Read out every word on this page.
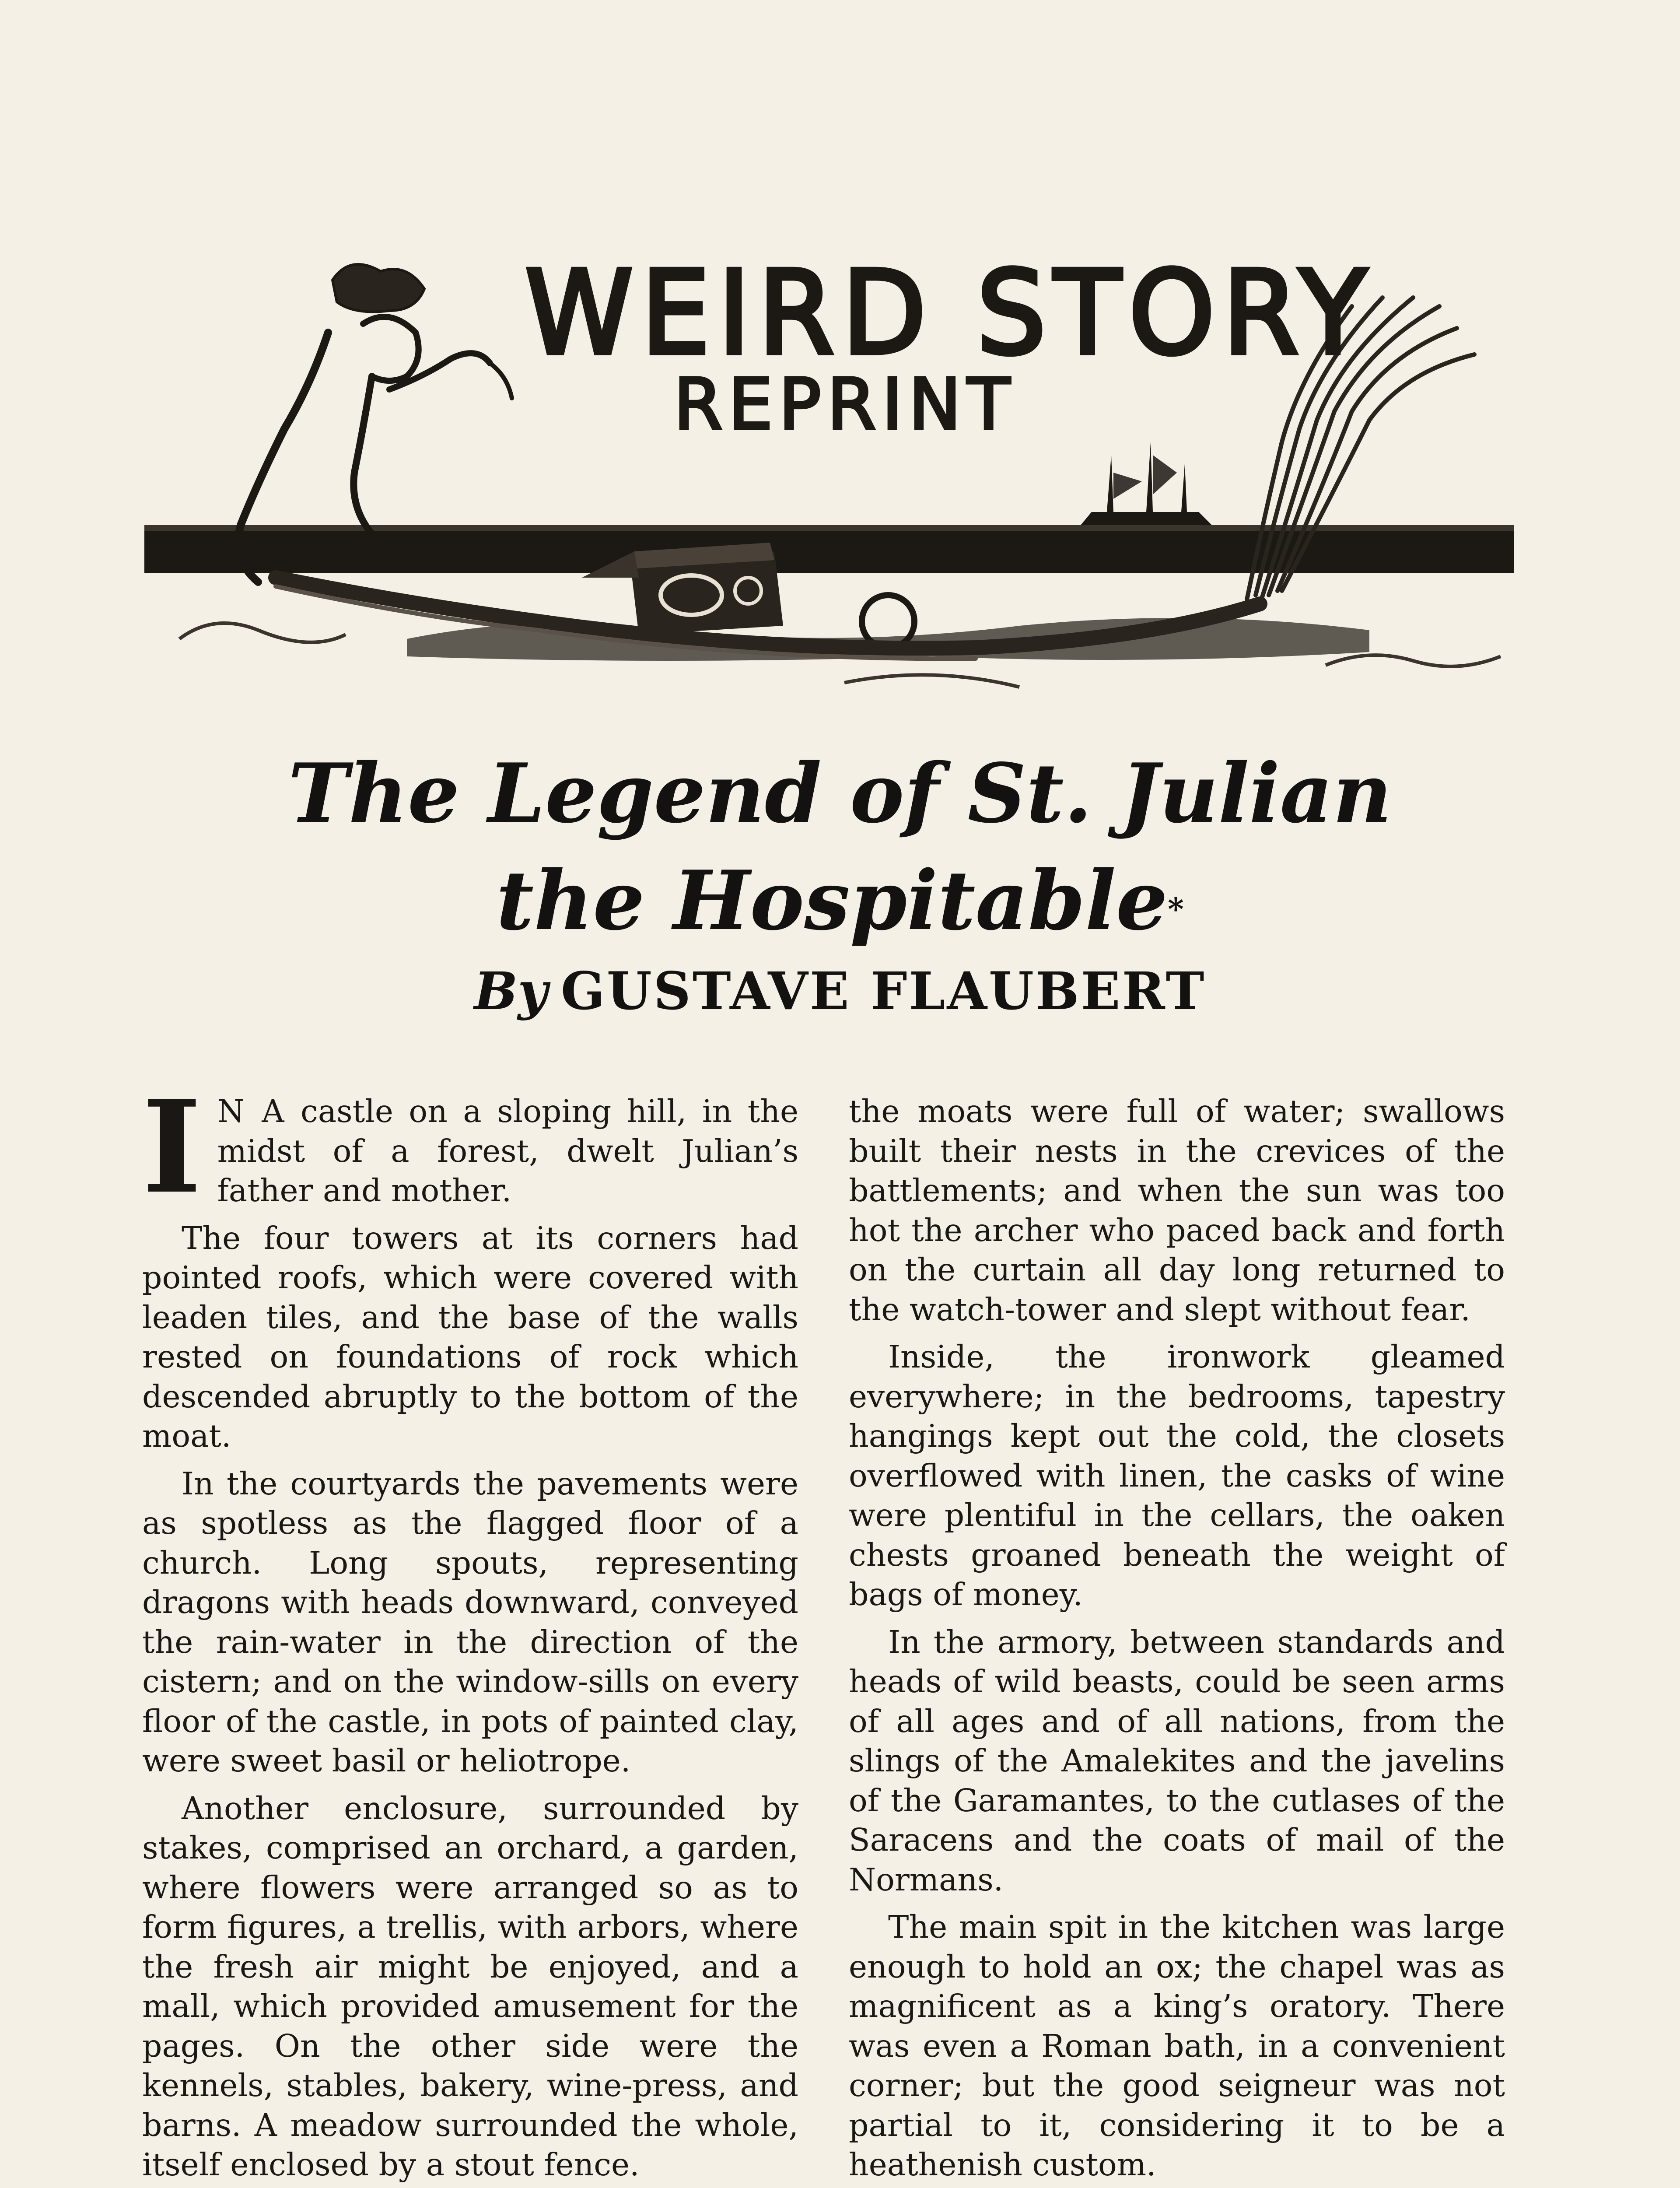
WEIRD STORY
REPRINT
The Legend of St. Julian
the Hospitable*
By GUSTAVE FLAUBERT

I N A castle on a sloping hill, in the midst of a forest, dwelt Julian’s father and mother.

The four towers at its corners had pointed roofs, which were covered with leaden tiles, and the base of the walls rested on foundations of rock which descended abruptly to the bottom of the moat.

In the courtyards the pavements were as spotless as the flagged floor of a church. Long spouts, representing dragons with heads downward, conveyed the rain-water in the direction of the cistern; and on the window-sills on every floor of the castle, in pots of painted clay, were sweet basil or heliotrope.

Another enclosure, surrounded by stakes, comprised an orchard, a garden, where flowers were arranged so as to form figures, a trellis, with arbors, where the fresh air might be enjoyed, and a mall, which provided amusement for the pages. On the other side were the kennels, stables, bakery, wine-press, and barns. A meadow surrounded the whole, itself enclosed by a stout fence.

the moats were full of water; swallows built their nests in the crevices of the battlements; and when the sun was too hot the archer who paced back and forth on the curtain all day long returned to the watch-tower and slept without fear.

Inside, the ironwork gleamed everywhere; in the bedrooms, tapestry hangings kept out the cold, the closets overflowed with linen, the casks of wine were plentiful in the cellars, the oaken chests groaned beneath the weight of bags of money.

In the armory, between standards and heads of wild beasts, could be seen arms of all ages and of all nations, from the slings of the Amalekites and the javelins of the Garamantes, to the cutlases of the Saracens and the coats of mail of the Normans.

The main spit in the kitchen was large enough to hold an ox; the chapel was as magnificent as a king’s oratory. There was even a Roman bath, in a convenient corner; but the good seigneur was not partial to it, considering it to be a heathenish custom.
